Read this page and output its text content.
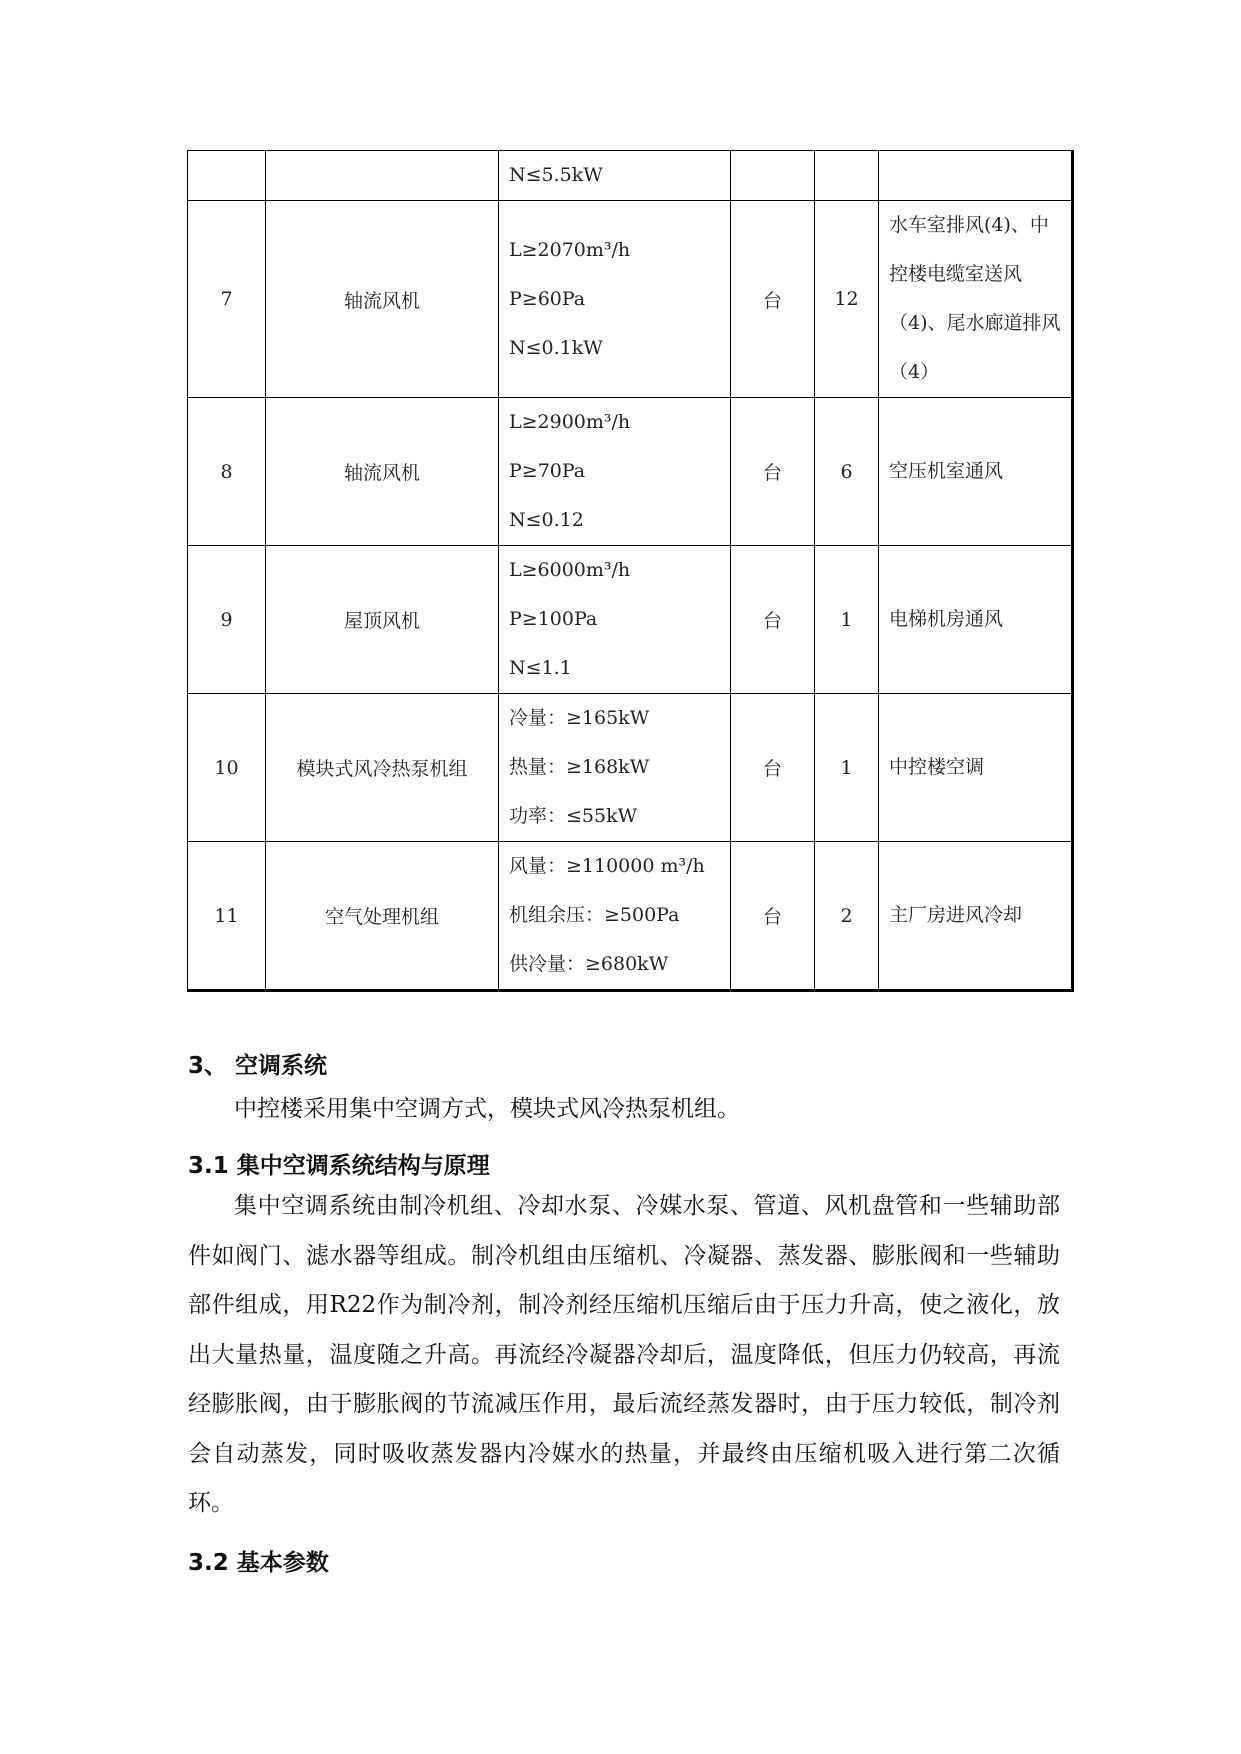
		N≤5.5kW			

7	轴流风机	L≥2070m³/h
P≥60Pa
N≤0.1kW	台	12	水车室排风(4)、中控楼电缆室送风（4)、尾水廊道排风（4）
8	轴流风机	L≥2900m³/h
P≥70Pa
N≤0.12	台	6	空压机室通风
9	屋顶风机	L≥6000m³/h
P≥100Pa
N≤1.1	台	1	电梯机房通风
10	模块式风冷热泵机组	冷量：≥165kW
热量：≥168kW
功率：≤55kW	台	1	中控楼空调
11	空气处理机组	风量：≥110000 m³/h
机组余压：≥500Pa
供冷量：≥680kW	台	2	主厂房进风冷却
3、 空调系统
中控楼采用集中空调方式，模块式风冷热泵机组。
3.1 集中空调系统结构与原理
集中空调系统由制冷机组、冷却水泵、冷媒水泵、管道、风机盘管和一些辅助部件如阀门、滤水器等组成。制冷机组由压缩机、冷凝器、蒸发器、膨胀阀和一些辅助部件组成，用R22作为制冷剂，制冷剂经压缩机压缩后由于压力升高，使之液化，放出大量热量，温度随之升高。再流经冷凝器冷却后，温度降低，但压力仍较高，再流经膨胀阀，由于膨胀阀的节流减压作用，最后流经蒸发器时，由于压力较低，制冷剂会自动蒸发，同时吸收蒸发器内冷媒水的热量，并最终由压缩机吸入进行第二次循环。
3.2 基本参数
